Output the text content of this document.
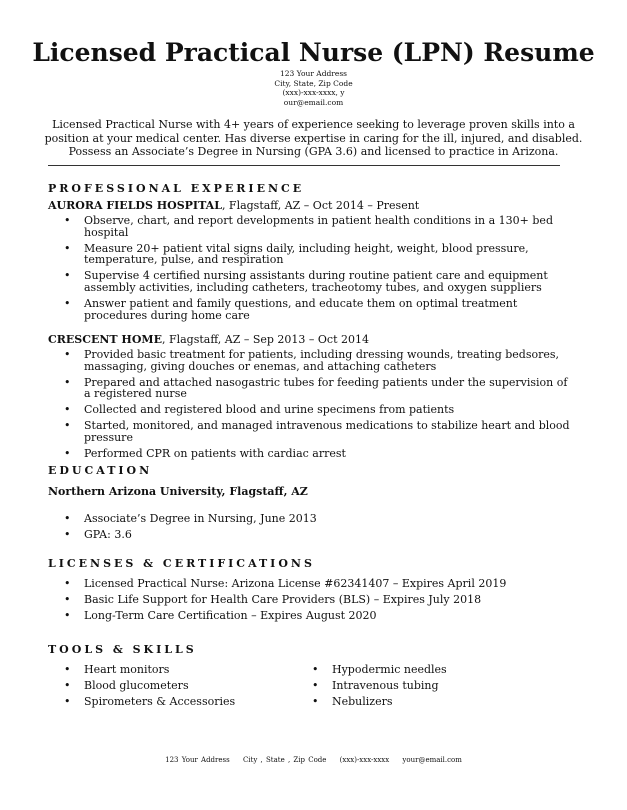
Licensed Practical Nurse (LPN) Resume
123 Your Address
City, State, Zip Code
(xxx)-xxx-xxxx, y
our@email.com
Licensed Practical Nurse with 4+ years of experience seeking to leverage proven skills into a position at your medical center. Has diverse expertise in caring for the ill, injured, and disabled. Possess an Associate’s Degree in Nursing (GPA 3.6) and licensed to practice in Arizona.
PROFESSIONAL EXPERIENCE
AURORA FIELDS HOSPITAL, Flagstaff, AZ – Oct 2014 – Present
• Observe, chart, and report developments in patient health conditions in a 130+ bed hospital
• Measure 20+ patient vital signs daily, including height, weight, blood pressure, temperature, pulse, and respiration
• Supervise 4 certified nursing assistants during routine patient care and equipment assembly activities, including catheters, tracheotomy tubes, and oxygen suppliers
• Answer patient and family questions, and educate them on optimal treatment procedures during home care
CRESCENT HOME, Flagstaff, AZ – Sep 2013 – Oct 2014
• Provided basic treatment for patients, including dressing wounds, treating bedsores, massaging, giving douches or enemas, and attaching catheters
• Prepared and attached nasogastric tubes for feeding patients under the supervision of a registered nurse
• Collected and registered blood and urine specimens from patients
• Started, monitored, and managed intravenous medications to stabilize heart and blood pressure
• Performed CPR on patients with cardiac arrest
EDUCATION
Northern Arizona University, Flagstaff, AZ
• Associate’s Degree in Nursing, June 2013
• GPA: 3.6
LICENSES & CERTIFICATIONS
• Licensed Practical Nurse: Arizona License #62341407 – Expires April 2019
• Basic Life Support for Health Care Providers (BLS) – Expires July 2018
• Long-Term Care Certification – Expires August 2020
TOOLS & SKILLS
• Heart monitors
• Blood glucometers
• Spirometers & Accessories
• Hypodermic needles
• Intravenous tubing
• Nebulizers
123 Your Address City , State , Zip Code (xxx)-xxx-xxxx your@email.com
